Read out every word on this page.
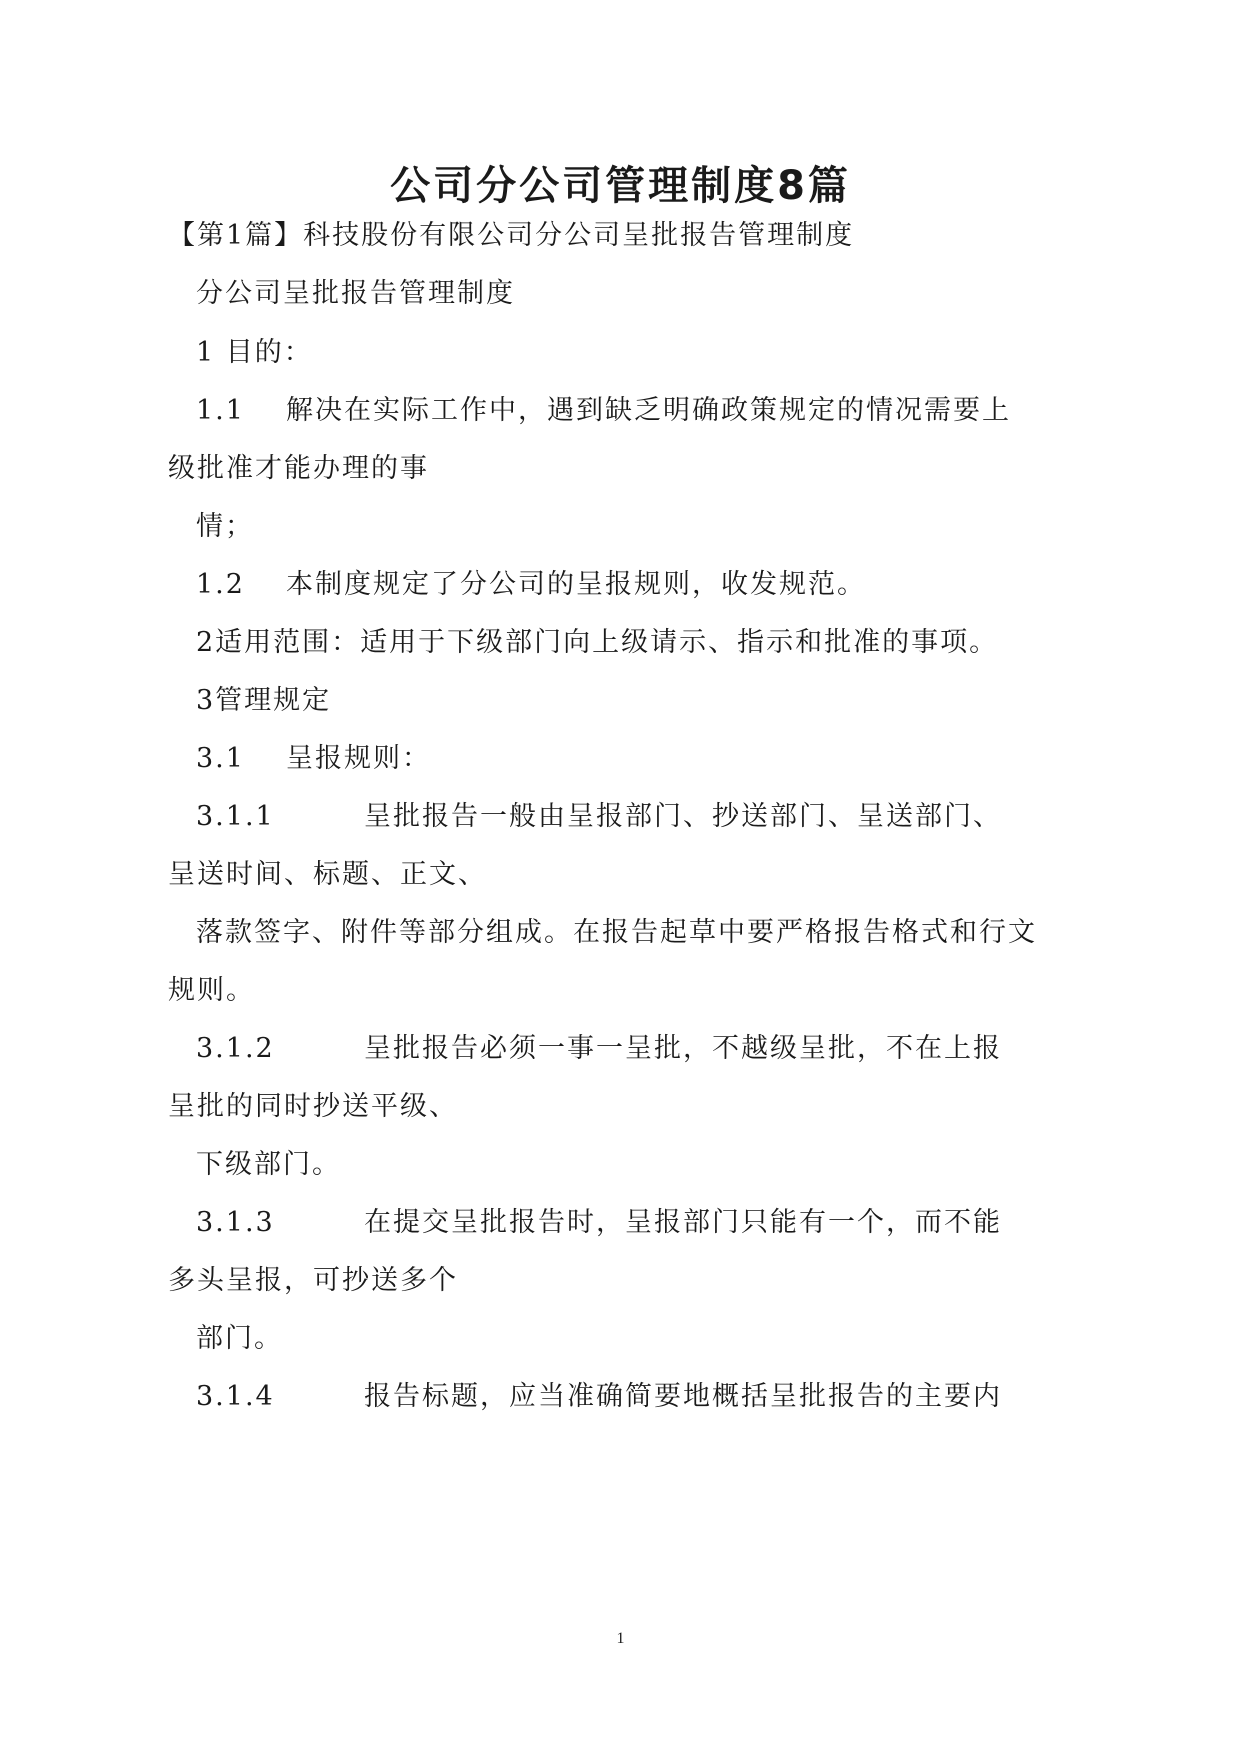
公司分公司管理制度8篇
【第1篇】科技股份有限公司分公司呈批报告管理制度
分公司呈批报告管理制度
1 目的：
1.1 解决在实际工作中，遇到缺乏明确政策规定的情况需要上
级批准才能办理的事
情；
1.2 本制度规定了分公司的呈报规则，收发规范。
2适用范围：适用于下级部门向上级请示、指示和批准的事项。
3管理规定
3.1 呈报规则：
3.1.1	呈批报告一般由呈报部门、抄送部门、呈送部门、
呈送时间、标题、正文、
落款签字、附件等部分组成。在报告起草中要严格报告格式和行文
规则。
3.1.2	呈批报告必须一事一呈批，不越级呈批，不在上报
呈批的同时抄送平级、
下级部门。
3.1.3	在提交呈批报告时，呈报部门只能有一个，而不能
多头呈报，可抄送多个
部门。
3.1.4	报告标题，应当准确简要地概括呈批报告的主要内
1
